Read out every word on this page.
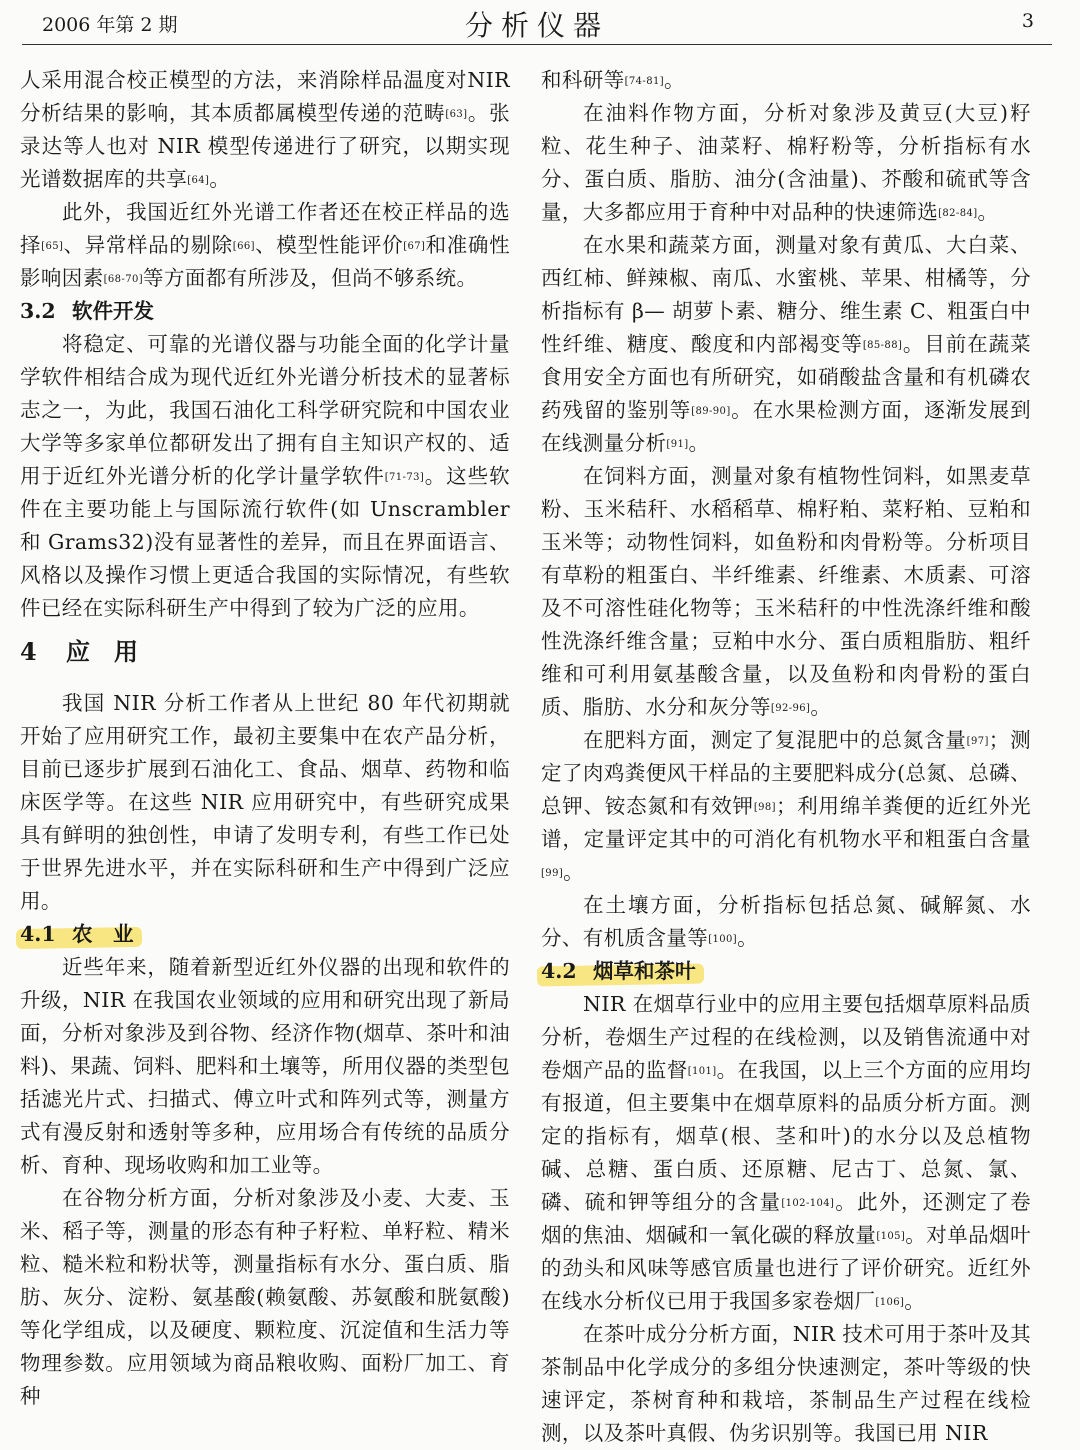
2006 年第 2 期	分析仪器	3

人采用混合校正模型的方法，来消除样品温度对NIR 分析结果的影响，其本质都属模型传递的范畴[63]。张录达等人也对 NIR 模型传递进行了研究，以期实现光谱数据库的共享[64]。

此外，我国近红外光谱工作者还在校正样品的选择[65]、异常样品的剔除[66]、模型性能评价[67]和准确性影响因素[68-70]等方面都有所涉及，但尚不够系统。

3.2 软件开发

将稳定、可靠的光谱仪器与功能全面的化学计量学软件相结合成为现代近红外光谱分析技术的显著标志之一，为此，我国石油化工科学研究院和中国农业大学等多家单位都研发出了拥有自主知识产权的、适用于近红外光谱分析的化学计量学软件[71-73]。这些软件在主要功能上与国际流行软件(如 Unscrambler 和 Grams32)没有显著性的差异，而且在界面语言、风格以及操作习惯上更适合我国的实际情况，有些软件已经在实际科研生产中得到了较为广泛的应用。

4 应　用

我国 NIR 分析工作者从上世纪 80 年代初期就开始了应用研究工作，最初主要集中在农产品分析，目前已逐步扩展到石油化工、食品、烟草、药物和临床医学等。在这些 NIR 应用研究中，有些研究成果具有鲜明的独创性，申请了发明专利，有些工作已处于世界先进水平，并在实际科研和生产中得到广泛应用。

4.1 农　业

近些年来，随着新型近红外仪器的出现和软件的升级，NIR 在我国农业领域的应用和研究出现了新局面，分析对象涉及到谷物、经济作物(烟草、茶叶和油料)、果蔬、饲料、肥料和土壤等，所用仪器的类型包括滤光片式、扫描式、傅立叶式和阵列式等，测量方式有漫反射和透射等多种，应用场合有传统的品质分析、育种、现场收购和加工业等。

在谷物分析方面，分析对象涉及小麦、大麦、玉米、稻子等，测量的形态有种子籽粒、单籽粒、精米粒、糙米粒和粉状等，测量指标有水分、蛋白质、脂肪、灰分、淀粉、氨基酸(赖氨酸、苏氨酸和胱氨酸)等化学组成，以及硬度、颗粒度、沉淀值和生活力等物理参数。应用领域为商品粮收购、面粉厂加工、育种

和科研等[74-81]。

在油料作物方面，分析对象涉及黄豆(大豆)籽粒、花生种子、油菜籽、棉籽粉等，分析指标有水分、蛋白质、脂肪、油分(含油量)、芥酸和硫甙等含量，大多都应用于育种中对品种的快速筛选[82-84]。

在水果和蔬菜方面，测量对象有黄瓜、大白菜、西红柿、鲜辣椒、南瓜、水蜜桃、苹果、柑橘等，分析指标有 β— 胡萝卜素、糖分、维生素 C、粗蛋白中性纤维、糖度、酸度和内部褐变等[85-88]。目前在蔬菜食用安全方面也有所研究，如硝酸盐含量和有机磷农药残留的鉴别等[89-90]。在水果检测方面，逐渐发展到在线测量分析[91]。

在饲料方面，测量对象有植物性饲料，如黑麦草粉、玉米秸秆、水稻稻草、棉籽粕、菜籽粕、豆粕和玉米等；动物性饲料，如鱼粉和肉骨粉等。分析项目有草粉的粗蛋白、半纤维素、纤维素、木质素、可溶及不可溶性硅化物等；玉米秸秆的中性洗涤纤维和酸性洗涤纤维含量；豆粕中水分、蛋白质粗脂肪、粗纤维和可利用氨基酸含量，以及鱼粉和肉骨粉的蛋白质、脂肪、水分和灰分等[92-96]。

在肥料方面，测定了复混肥中的总氮含量[97]；测定了肉鸡粪便风干样品的主要肥料成分(总氮、总磷、总钾、铵态氮和有效钾[98]；利用绵羊粪便的近红外光谱，定量评定其中的可消化有机物水平和粗蛋白含量[99]。

在土壤方面，分析指标包括总氮、碱解氮、水分、有机质含量等[100]。

4.2 烟草和茶叶

NIR 在烟草行业中的应用主要包括烟草原料品质分析，卷烟生产过程的在线检测，以及销售流通中对卷烟产品的监督[101]。在我国，以上三个方面的应用均有报道，但主要集中在烟草原料的品质分析方面。测定的指标有，烟草(根、茎和叶)的水分以及总植物碱、总糖、蛋白质、还原糖、尼古丁、总氮、氯、磷、硫和钾等组分的含量[102-104]。此外，还测定了卷烟的焦油、烟碱和一氧化碳的释放量[105]。对单品烟叶的劲头和风味等感官质量也进行了评价研究。近红外在线水分析仪已用于我国多家卷烟厂[106]。

在茶叶成分分析方面，NIR 技术可用于茶叶及其茶制品中化学成分的多组分快速测定，茶叶等级的快速评定，茶树育种和栽培，茶制品生产过程在线检测，以及茶叶真假、伪劣识别等。我国已用 NIR
